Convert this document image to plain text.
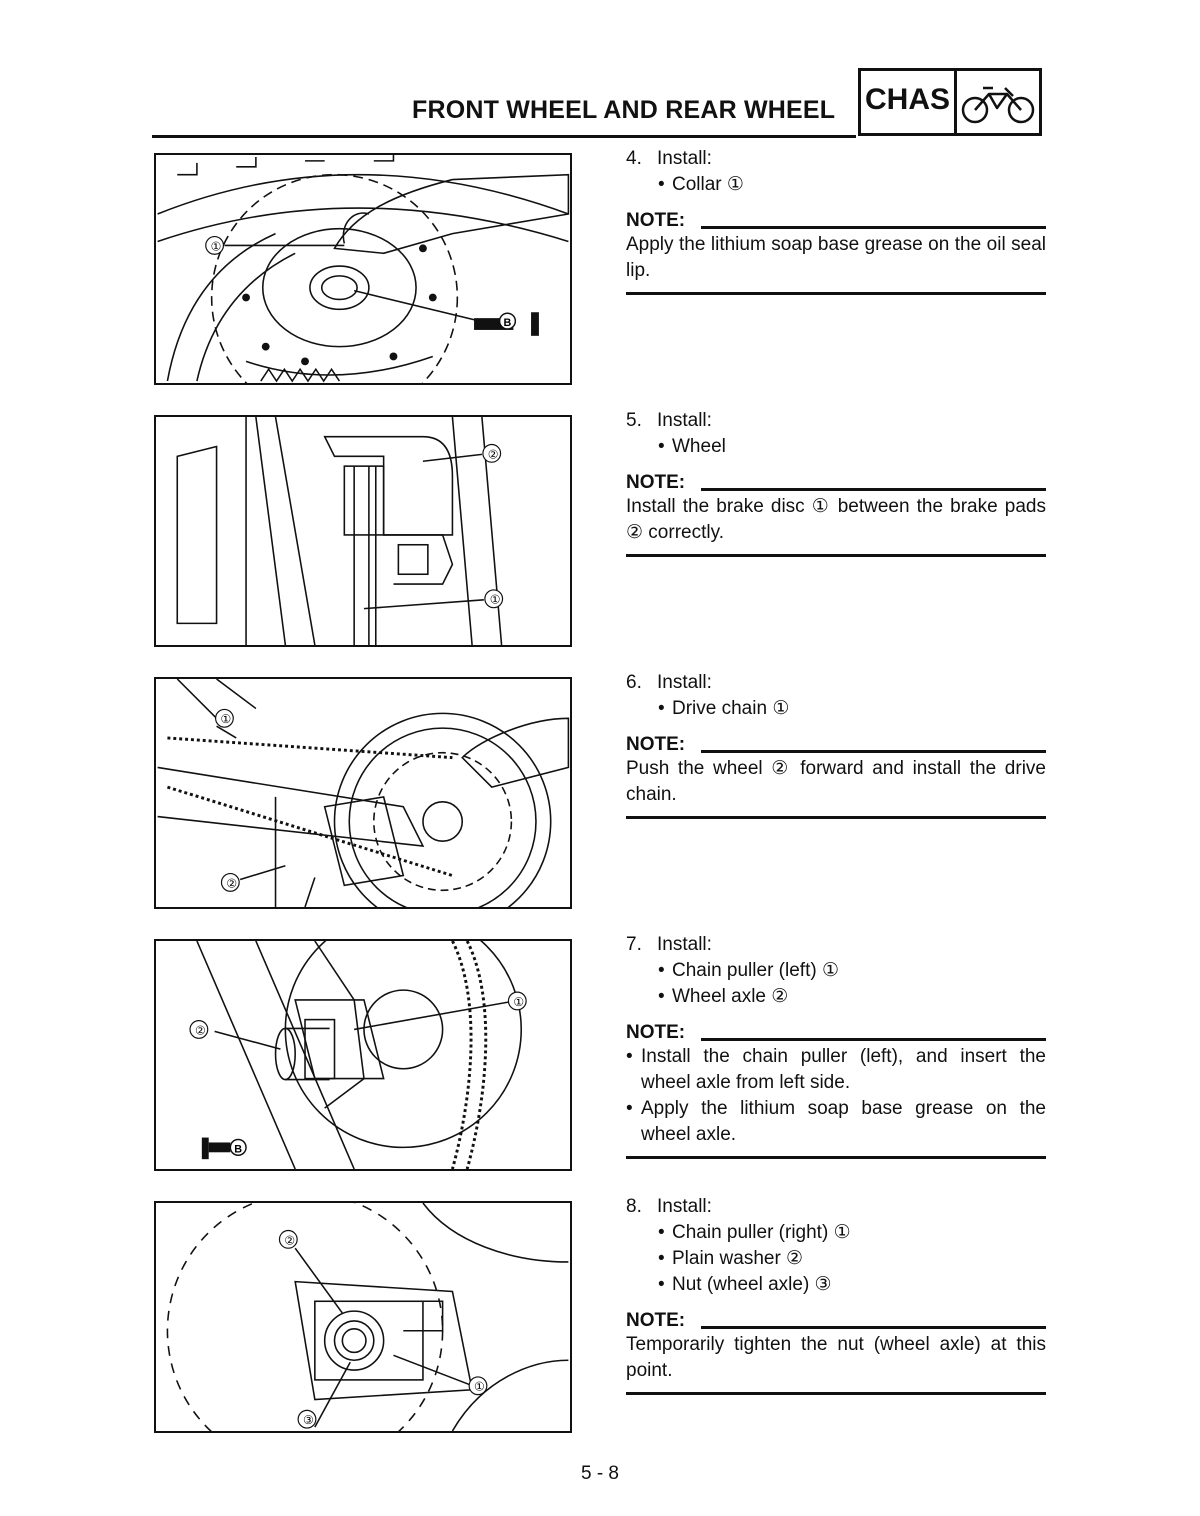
FRONT WHEEL AND REAR WHEEL CHAS
B
①
②
①
①
②
B
①
②
②
③
①
4. Install:
• Collar ①
NOTE:
Apply the lithium soap base grease on the oil seal lip.
5. Install:
• Wheel
NOTE:
Install the brake disc ① between the brake pads ② correctly.
6. Install:
• Drive chain ①
NOTE:
Push the wheel ② forward and install the drive chain.
7. Install:
• Chain puller (left) ①
• Wheel axle ②
NOTE:
• Install the chain puller (left), and insert the wheel axle from left side.
• Apply the lithium soap base grease on the wheel axle.
8. Install:
• Chain puller (right) ①
• Plain washer ②
• Nut (wheel axle) ③
NOTE:
Temporarily tighten the nut (wheel axle) at this point.
5 - 8
